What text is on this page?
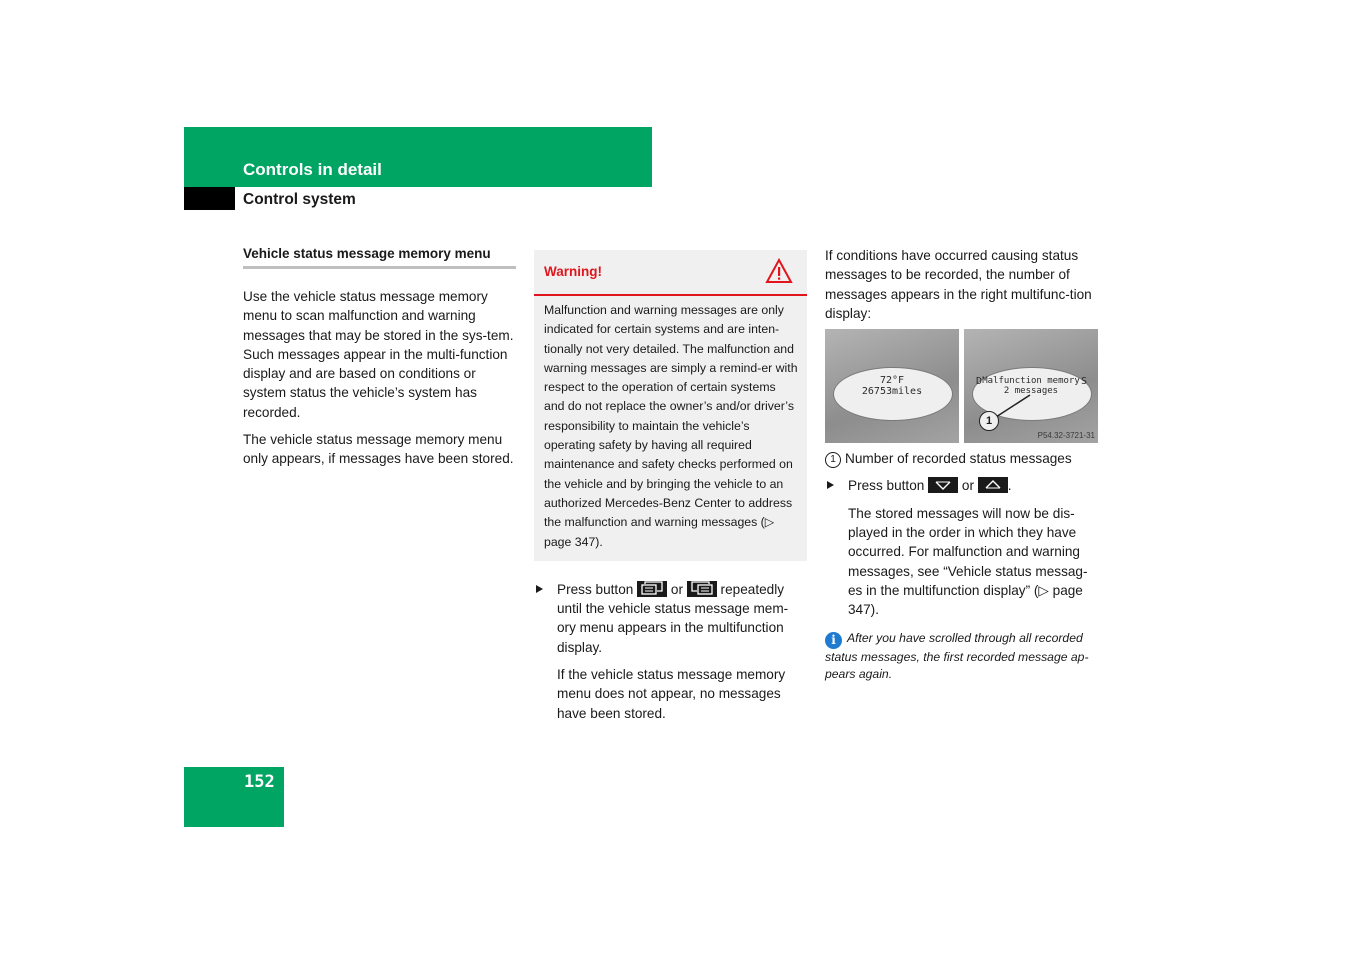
Controls in detail
Control system
Vehicle status message memory menu

Use the vehicle status message memory menu to scan malfunction and warning messages that may be stored in the sys-tem. Such messages appear in the multi-function display and are based on conditions or system status the vehicle’s system has recorded.

The vehicle status message memory menu only appears, if messages have been stored.

Warning!
Malfunction and warning messages are only indicated for certain systems and are inten-tionally not very detailed. The malfunction and warning messages are simply a remind-er with respect to the operation of certain systems and do not replace the owner’s and/or driver’s responsibility to maintain the vehicle’s operating safety by having all required maintenance and safety checks performed on the vehicle and by bringing the vehicle to an authorized Mercedes-Benz Center to address the malfunction and warning messages (▷ page 347).
Press button	or	repeatedly until the vehicle status message mem-ory menu appears in the multifunction display.

If the vehicle status message memory menu does not appear, no messages have been stored.

If conditions have occurred causing status messages to be recorded, the number of messages appears in the right multifunc-tion display:

72°F
26753miles
D	S
Malfunction memory
2 messages
1
P54.32-3721-31
1 Number of recorded status messages
Press button	or .

The stored messages will now be dis-played in the order in which they have occurred. For malfunction and warning messages, see “Vehicle status messag-es in the multifunction display” (▷ page 347).

i After you have scrolled through all recorded status messages, the first recorded message ap-pears again.
152
